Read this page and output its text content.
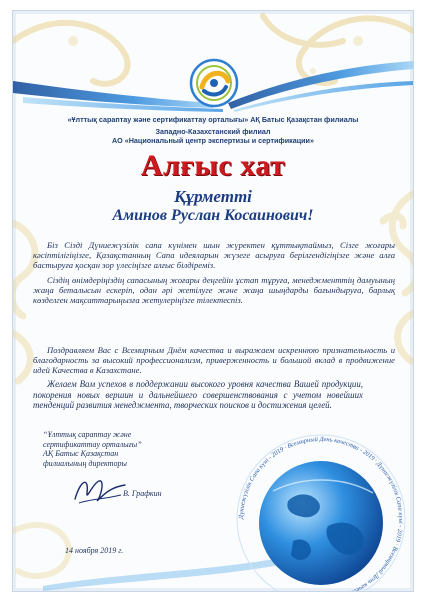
«Ұлттық сараптау және сертификаттау орталығы» АҚ Батыс Қазақстан филиалы
Западно-Казахстанский филиал
АО «Национальный центр экспертизы и сертификации»
Алғыс хат
Құрметті
Аминов Руслан Косаинович!

Біз Сізді Дүниежүзілік сапа күнімен шын жүректен құттықтаймыз, Сізге жоғары кәсіптілігіңізге, Қазақстанның Сапа идеяларын жүзеге асыруға берілгендігіңізге және алға бастыруға қосқан зор үлесіңізге алғыс білдіреміз.

Сіздің өнімдеріңіздің сапасының жоғары деңгейін ұстап тұруға, менеджменттің дамуының жаңа беталысын ескеріп, одан әрі жетілуге және жаңа шыңдарды бағындыруға, барлық көзделген мақсаттарыңызға жетулеріңізге тілектеспіз.

Поздравляем Вас с Всемирным Днём качества и выражаем искреннюю признательность и благодарность за высокий профессионализм, приверженность и большой вклад в продвижение идей Качества в Казахстане.

Желаем Вам успехов в поддержании высокого уровня качества Вашей продукции, покорения новых вершин и дальнейшего совершенствования с учетом новейших тенденций развития менеджмента, творческих поисков и достижения целей.

“Ұлттық сараптау және
сертификаттау орталығы”
АҚ Батыс Қазақстан
филиалының директоры
В. Графкин
14 ноября 2019 г.
Дүниежүзілік Сапа күні - 2019 · Всемирный День качества - 2019 · Дүниежүзілік Сапа күні - 2019 · Всемирный День качества - 2019
